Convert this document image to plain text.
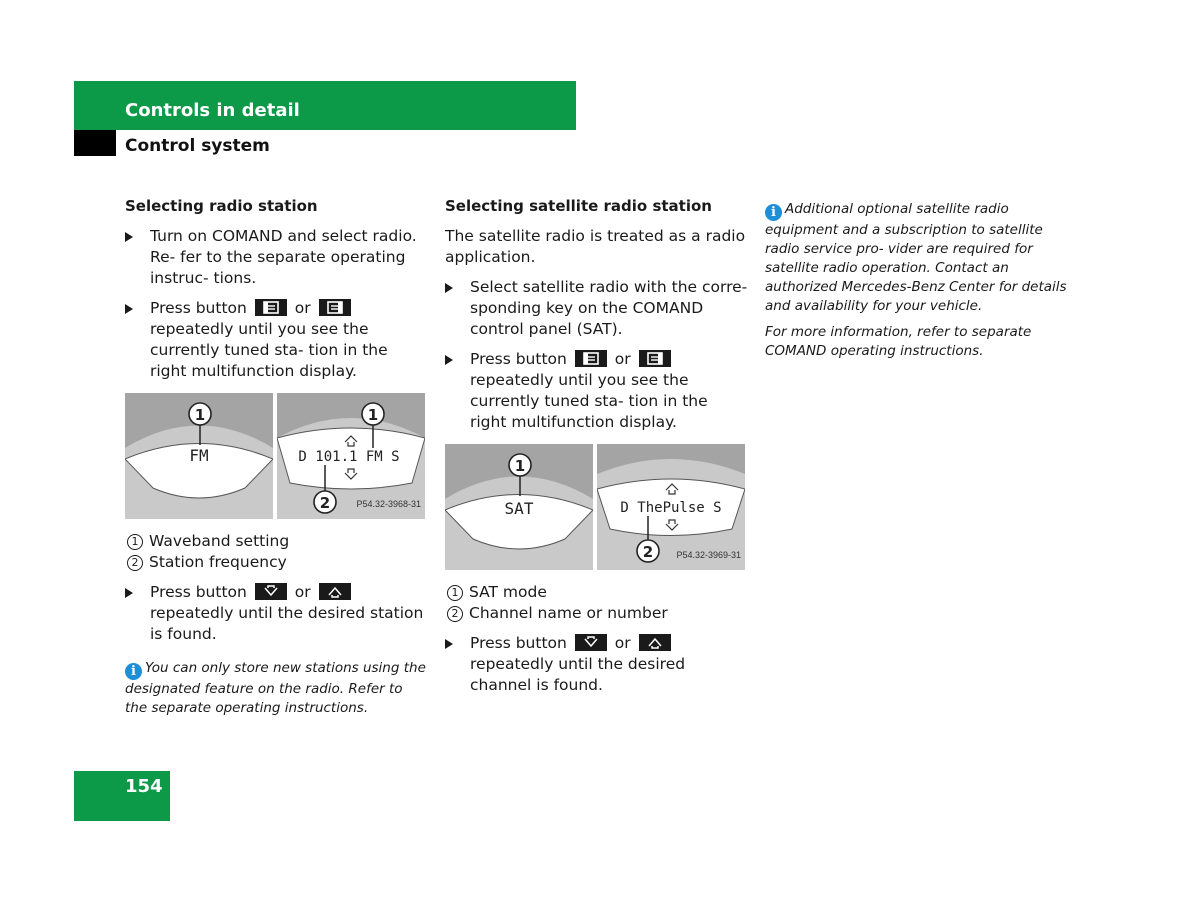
Controls in detail
Control system
Selecting radio station
Turn on COMAND and select radio. Re- fer to the separate operating instruc- tions.
Press button	or
repeatedly until you see the currently tuned sta- tion in the right multifunction display.
1
FM
1
D 101.1 FM S
2	P54.32-3968-31
1 Waveband setting
2 Station frequency
Press button	or
repeatedly until the desired station is found.

i You can only store new stations using the designated feature on the radio. Refer to the separate operating instructions.

Selecting satellite radio station

The satellite radio is treated as a radio application.

Select satellite radio with the corre- sponding key on the COMAND control panel (SAT).
Press button	or
repeatedly until you see the currently tuned sta- tion in the right multifunction display.
1
SAT	D ThePulse S
2	P54.32-3969-31
1 SAT mode
2 Channel name or number
Press button	or
repeatedly until the desired channel is found.

i Additional optional satellite radio equipment and a subscription to satellite radio service pro- vider are required for satellite radio operation. Contact an authorized Mercedes-Benz Center for details and availability for your vehicle.

For more information, refer to separate COMAND operating instructions.

154
